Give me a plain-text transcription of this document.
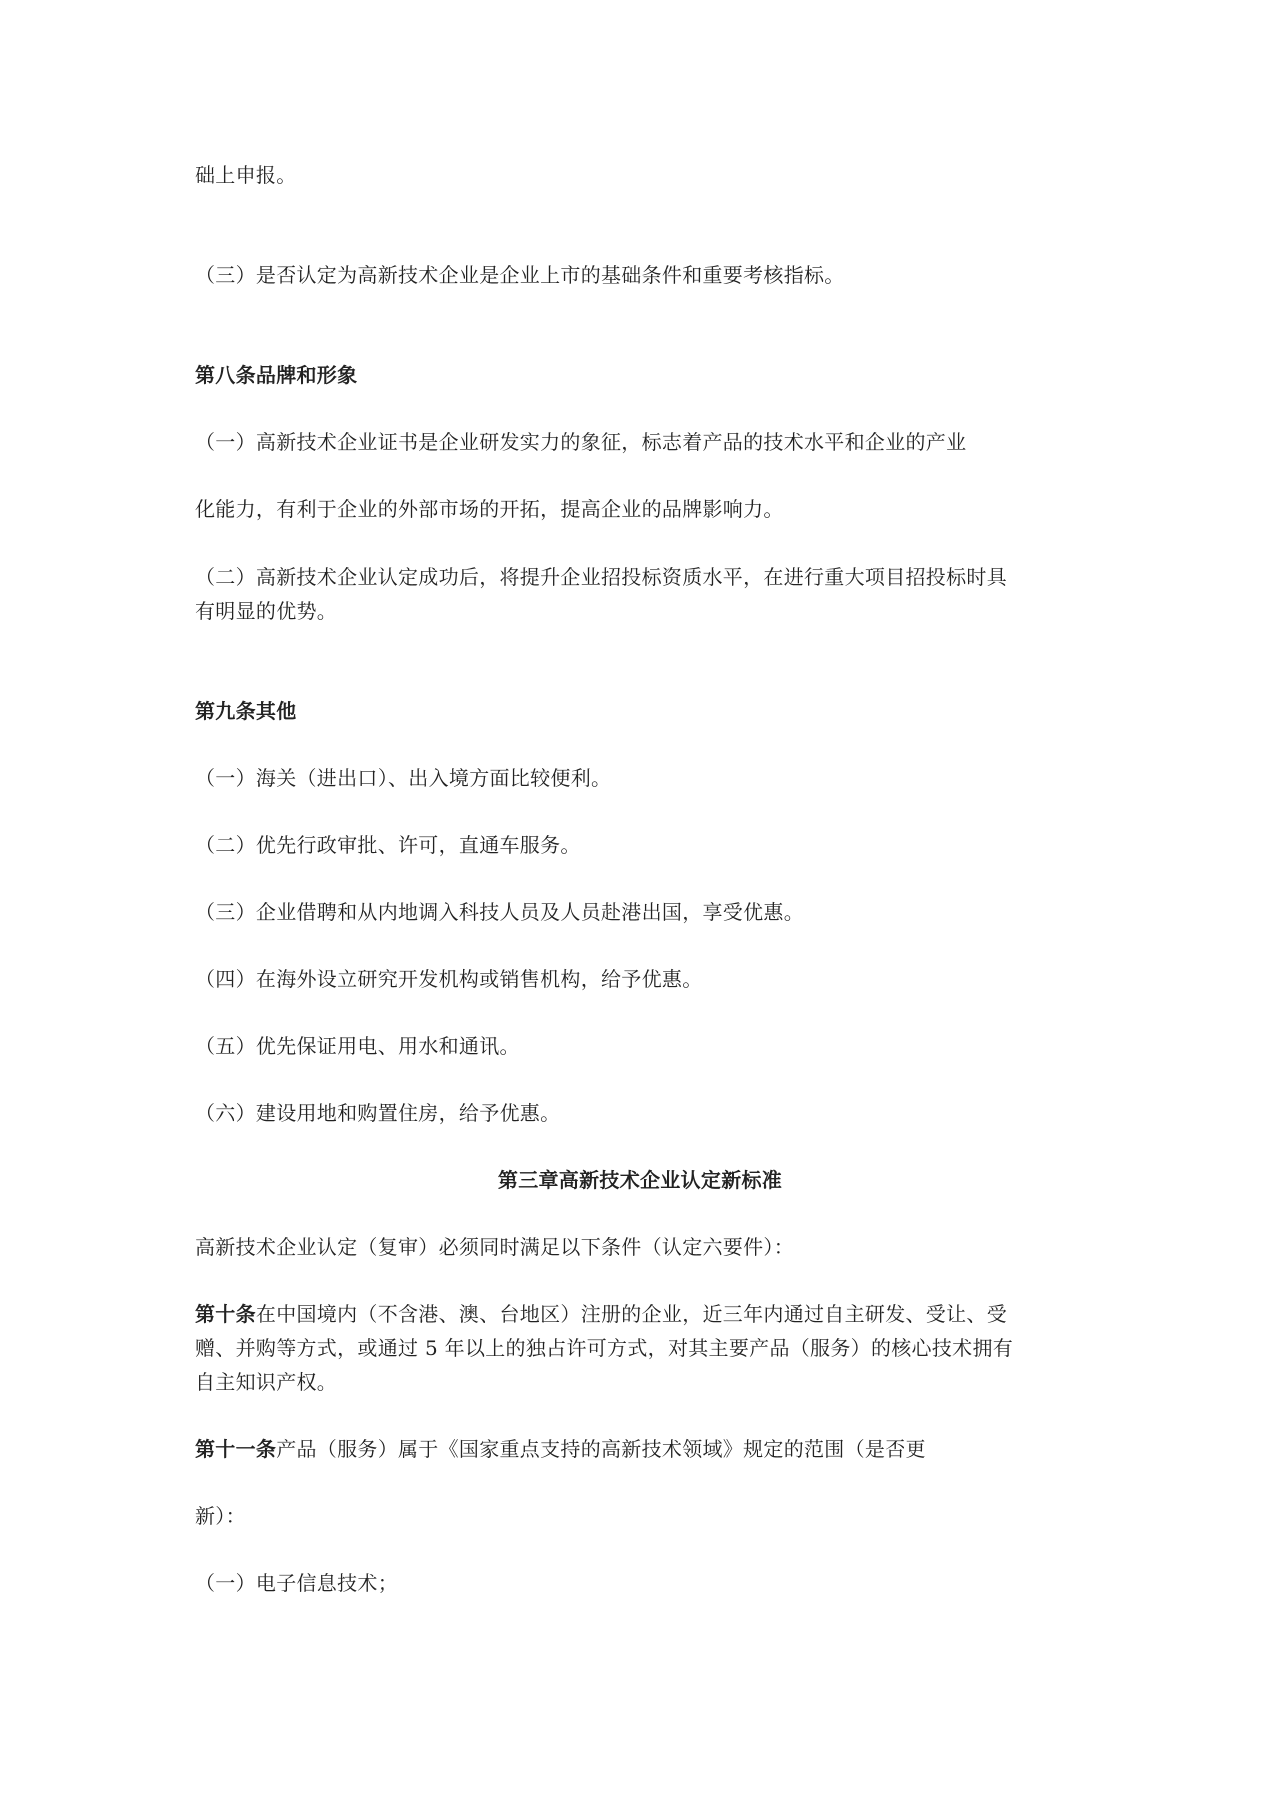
础上申报。
（三）是否认定为高新技术企业是企业上市的基础条件和重要考核指标。
第八条品牌和形象
（一）高新技术企业证书是企业研发实力的象征，标志着产品的技术水平和企业的产业
化能力，有利于企业的外部市场的开拓，提高企业的品牌影响力。
（二）高新技术企业认定成功后，将提升企业招投标资质水平，在进行重大项目招投标时具
有明显的优势。
第九条其他
（一）海关（进出口）、出入境方面比较便利。
（二）优先行政审批、许可，直通车服务。
（三）企业借聘和从内地调入科技人员及人员赴港出国，享受优惠。
（四）在海外设立研究开发机构或销售机构，给予优惠。
（五）优先保证用电、用水和通讯。
（六）建设用地和购置住房，给予优惠。
第三章高新技术企业认定新标准
高新技术企业认定（复审）必须同时满足以下条件（认定六要件）：
第十条在中国境内（不含港、澳、台地区）注册的企业，近三年内通过自主研发、受让、受
赠、并购等方式，或通过 5 年以上的独占许可方式，对其主要产品（服务）的核心技术拥有
自主知识产权。
第十一条产品（服务）属于《国家重点支持的高新技术领域》规定的范围（是否更
新）：
（一）电子信息技术；
